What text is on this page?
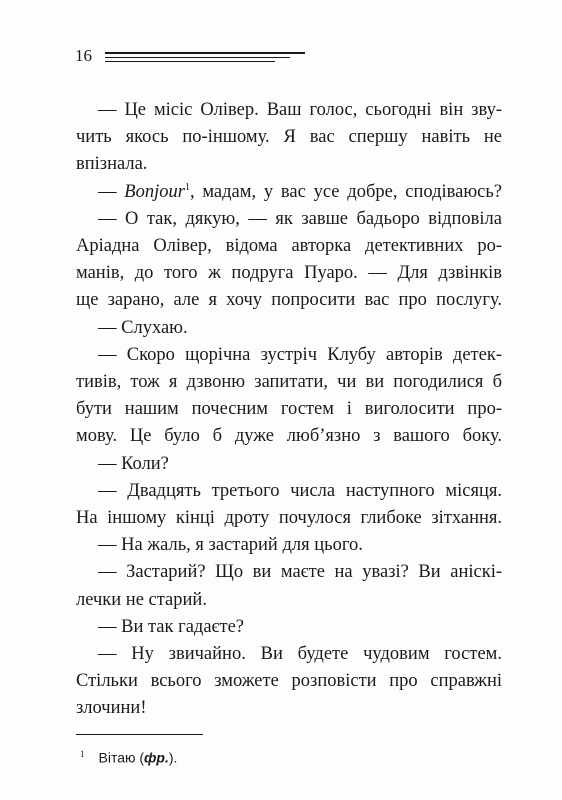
16
— Це місіс Олівер. Ваш голос, сьогодні він зву-
чить якось по-іншому. Я вас спершу навіть не
впізнала.
— Bonjour$^1$, мадам, у вас усе добре, сподіваюсь?
— О так, дякую, — як завше бадьоро відповіла
Аріадна Олівер, відома авторка детективних ро-
манів, до того ж подруга Пуаро. — Для дзвінків
ще зарано, але я хочу попросити вас про послугу.
— Слухаю.
— Скоро щорічна зустріч Клубу авторів детек-
тивів, тож я дзвоню запитати, чи ви погодилися б
бути нашим почесним гостем і виголосити про-
мову. Це було б дуже люб’язно з вашого боку.
— Коли?
— Двадцять третього числа наступного місяця.
На іншому кінці дроту почулося глибоке зітхання.
— На жаль, я застарий для цього.
— Застарий? Що ви маєте на увазі? Ви аніскі-
лечки не старий.
— Ви так гадаєте?
— Ну звичайно. Ви будете чудовим гостем.
Стільки всього зможете розповісти про справжні
злочини!
$^1$ Вітаю (фр.).
